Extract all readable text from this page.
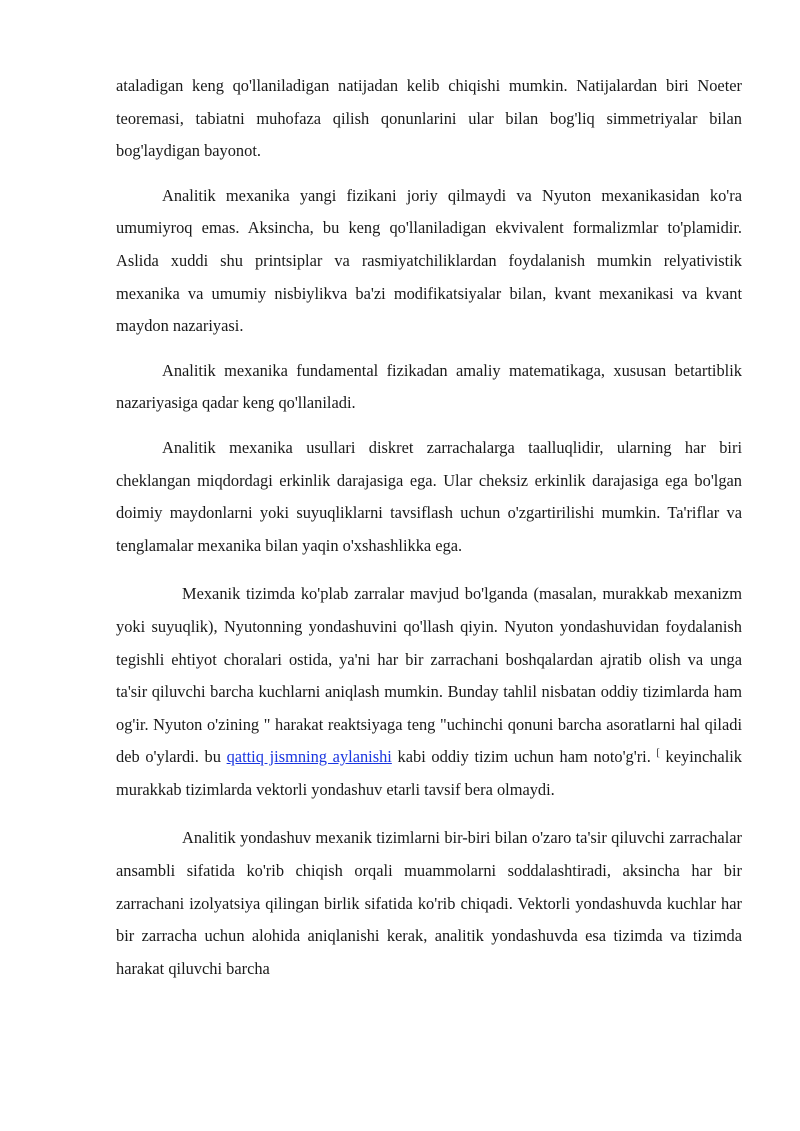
ataladigan keng qo'llaniladigan natijadan kelib chiqishi mumkin. Natijalardan biri Noeter teoremasi, tabiatni muhofaza qilish qonunlarini ular bilan bog'liq simmetriyalar bilan bog'laydigan bayonot.

Analitik mexanika yangi fizikani joriy qilmaydi va Nyuton mexanikasidan ko'ra umumiyroq emas. Aksincha, bu keng qo'llaniladigan ekvivalent formalizmlar to'plamidir. Aslida xuddi shu printsiplar va rasmiyatchiliklardan foydalanish mumkin relyativistik mexanika va umumiy nisbiylikva ba'zi modifikatsiyalar bilan, kvant mexanikasi va kvant maydon nazariyasi.

Analitik mexanika fundamental fizikadan amaliy matematikaga, xususan betartiblik nazariyasiga qadar keng qo'llaniladi.

Analitik mexanika usullari diskret zarrachalarga taalluqlidir, ularning har biri cheklangan miqdordagi erkinlik darajasiga ega. Ular cheksiz erkinlik darajasiga ega bo'lgan doimiy maydonlarni yoki suyuqliklarni tavsiflash uchun o'zgartirilishi mumkin. Ta'riflar va tenglamalar mexanika bilan yaqin o'xshashlikka ega.

Mexanik tizimda ko'plab zarralar mavjud bo'lganda (masalan, murakkab mexanizm yoki suyuqlik), Nyutonning yondashuvini qo'llash qiyin. Nyuton yondashuvidan foydalanish tegishli ehtiyot choralari ostida, ya'ni har bir zarrachani boshqalardan ajratib olish va unga ta'sir qiluvchi barcha kuchlarni aniqlash mumkin. Bunday tahlil nisbatan oddiy tizimlarda ham og'ir. Nyuton o'zining " harakat reaktsiyaga teng "uchinchi qonuni barcha asoratlarni hal qiladi deb o'ylardi. bu qattiq jismning aylanishi kabi oddiy tizim uchun ham noto'g'ri. [ keyinchalik murakkab tizimlarda vektorli yondashuv etarli tavsif bera olmaydi.

Analitik yondashuv mexanik tizimlarni bir-biri bilan o'zaro ta'sir qiluvchi zarrachalar ansambli sifatida ko'rib chiqish orqali muammolarni soddalashtiradi, aksincha har bir zarrachani izolyatsiya qilingan birlik sifatida ko'rib chiqadi. Vektorli yondashuvda kuchlar har bir zarracha uchun alohida aniqlanishi kerak, analitik yondashuvda esa tizimda va tizimda harakat qiluvchi barcha
